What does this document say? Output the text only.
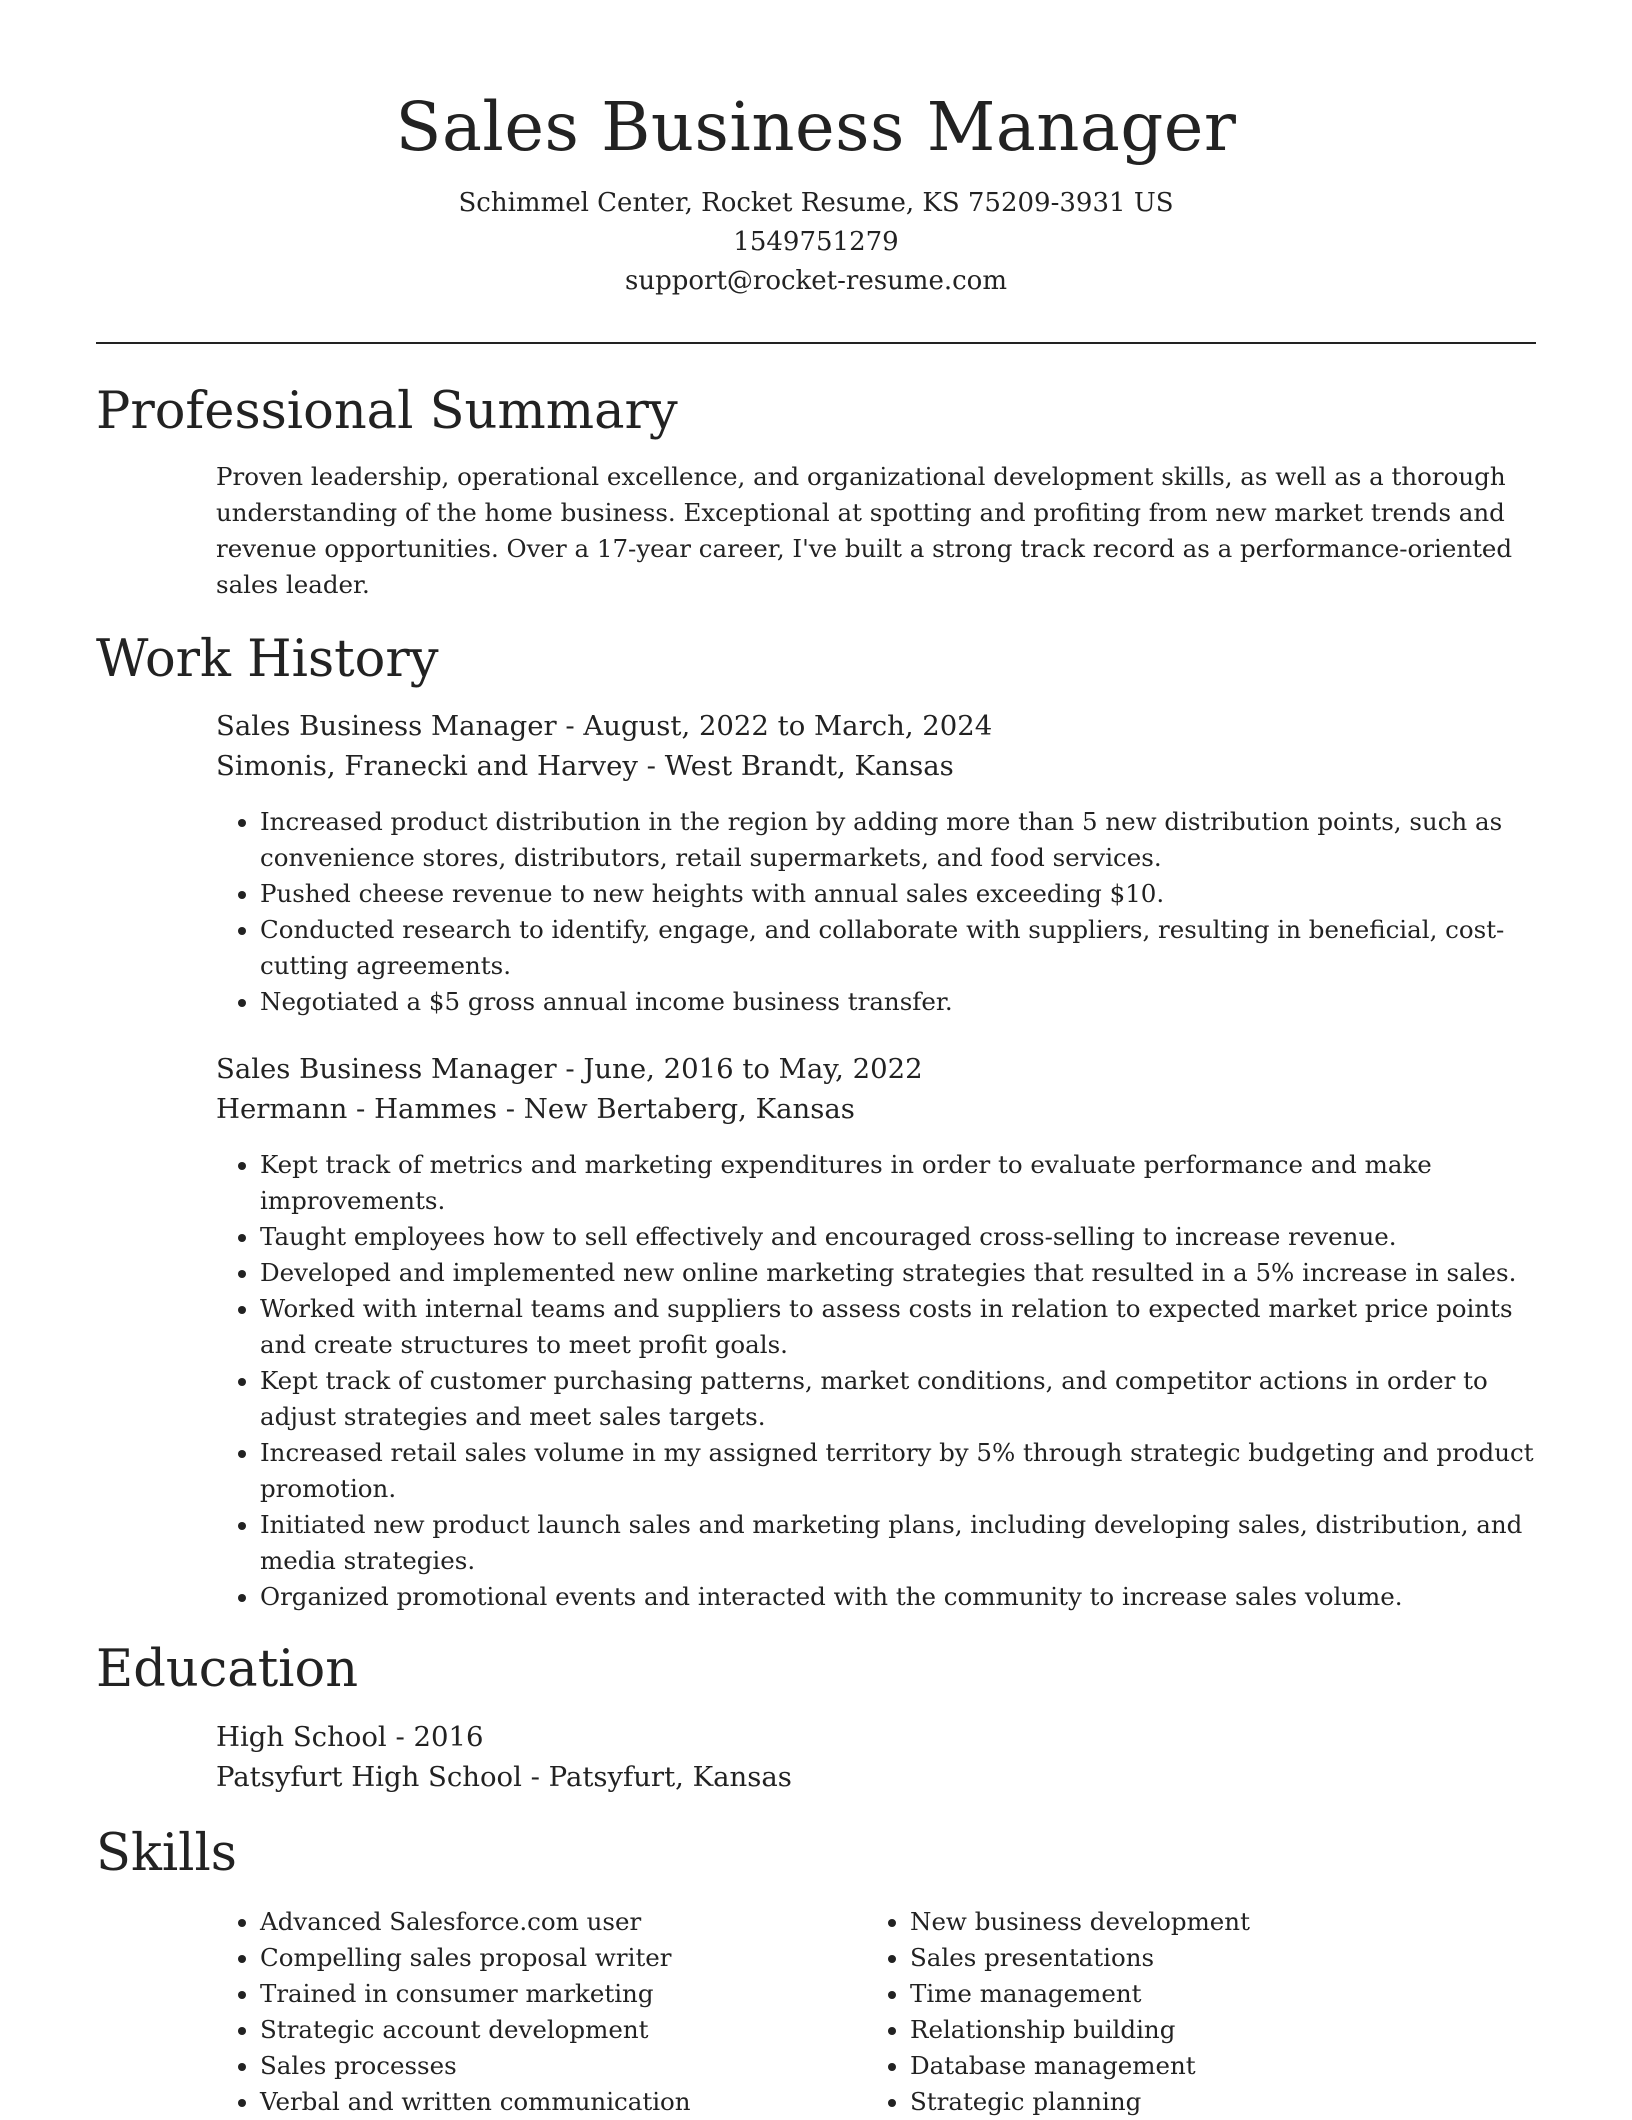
Sales Business Manager
Schimmel Center, Rocket Resume, KS 75209-3931 US
1549751279
support@rocket-resume.com
Professional Summary

Proven leadership, operational excellence, and organizational development skills, as well as a thorough understanding of the home business. Exceptional at spotting and profiting from new market trends and revenue opportunities. Over a 17-year career, I've built a strong track record as a performance-oriented sales leader.

Work History
Sales Business Manager - August, 2022 to March, 2024
Simonis, Franecki and Harvey - West Brandt, Kansas
• Increased product distribution in the region by adding more than 5 new distribution points, such as convenience stores, distributors, retail supermarkets, and food services.
• Pushed cheese revenue to new heights with annual sales exceeding $10.
• Conducted research to identify, engage, and collaborate with suppliers, resulting in beneficial, cost-cutting agreements.
• Negotiated a $5 gross annual income business transfer.
Sales Business Manager - June, 2016 to May, 2022
Hermann - Hammes - New Bertaberg, Kansas
• Kept track of metrics and marketing expenditures in order to evaluate performance and make improvements.
• Taught employees how to sell effectively and encouraged cross-selling to increase revenue.
• Developed and implemented new online marketing strategies that resulted in a 5% increase in sales.
• Worked with internal teams and suppliers to assess costs in relation to expected market price points and create structures to meet profit goals.
• Kept track of customer purchasing patterns, market conditions, and competitor actions in order to adjust strategies and meet sales targets.
• Increased retail sales volume in my assigned territory by 5% through strategic budgeting and product promotion.
• Initiated new product launch sales and marketing plans, including developing sales, distribution, and media strategies.
• Organized promotional events and interacted with the community to increase sales volume.
Education
High School - 2016
Patsyfurt High School - Patsyfurt, Kansas
Skills
• Advanced Salesforce.com user
• Compelling sales proposal writer
• Trained in consumer marketing
• Strategic account development
• Sales processes
• Verbal and written communication
• New business development
• Sales presentations
• Time management
• Relationship building
• Database management
• Strategic planning
